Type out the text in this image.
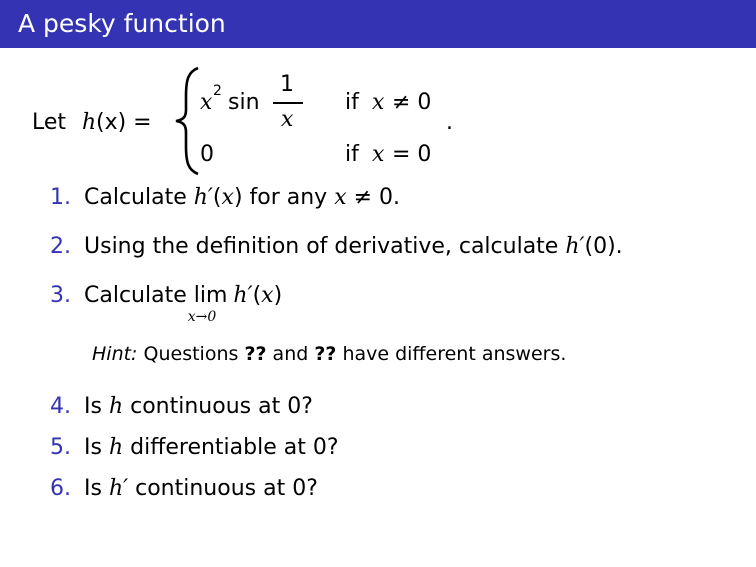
A pesky function
Let h (x) =
x 2 sin
1
x
if x ≠ 0
0	if x = 0
.
1. Calculate h′(x) for any x ≠ 0.
2. Using the definition of derivative, calculate h′(0).
3. Calculate lim
x→0
h′(x)
Hint: Questions ?? and ?? have different answers.
4. Is h continuous at 0?
5. Is h differentiable at 0?
6. Is h′ continuous at 0?
